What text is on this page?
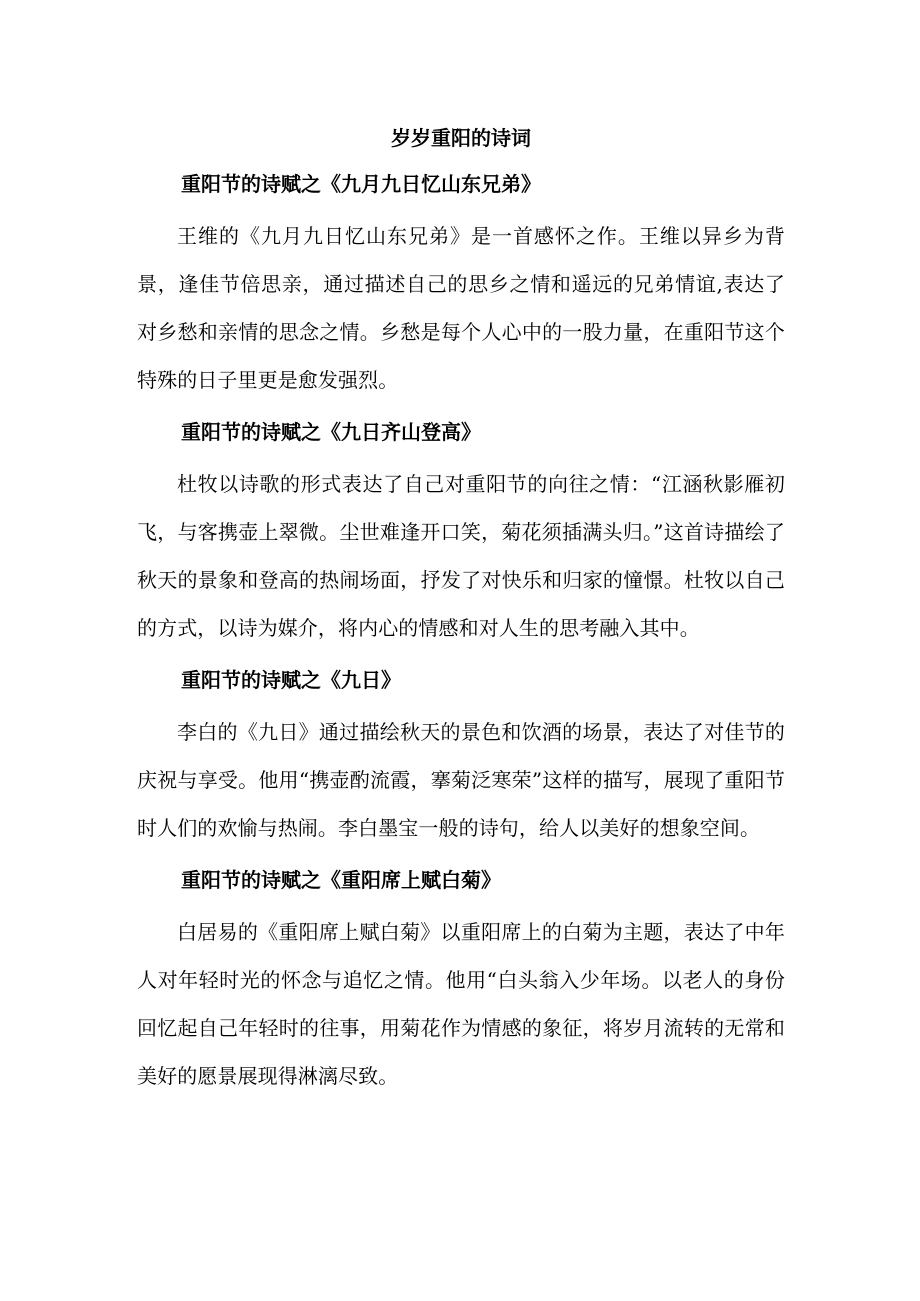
岁岁重阳的诗词
重阳节的诗赋之《九月九日忆山东兄弟》

王维的《九月九日忆山东兄弟》是一首感怀之作。王维以异乡为背景，逢佳节倍思亲，通过描述自己的思乡之情和遥远的兄弟情谊,表达了对乡愁和亲情的思念之情。乡愁是每个人心中的一股力量，在重阳节这个特殊的日子里更是愈发强烈。

重阳节的诗赋之《九日齐山登高》

杜牧以诗歌的形式表达了自己对重阳节的向往之情：“江涵秋影雁初飞，与客携壶上翠微。尘世难逢开口笑，菊花须插满头归。”这首诗描绘了秋天的景象和登高的热闹场面，抒发了对快乐和归家的憧憬。杜牧以自己的方式，以诗为媒介，将内心的情感和对人生的思考融入其中。

重阳节的诗赋之《九日》

李白的《九日》通过描绘秋天的景色和饮酒的场景，表达了对佳节的庆祝与享受。他用“携壶酌流霞，搴菊泛寒荣”这样的描写，展现了重阳节时人们的欢愉与热闹。李白墨宝一般的诗句，给人以美好的想象空间。

重阳节的诗赋之《重阳席上赋白菊》

白居易的《重阳席上赋白菊》以重阳席上的白菊为主题，表达了中年人对年轻时光的怀念与追忆之情。他用“白头翁入少年场。以老人的身份回忆起自己年轻时的往事，用菊花作为情感的象征，将岁月流转的无常和美好的愿景展现得淋漓尽致。
